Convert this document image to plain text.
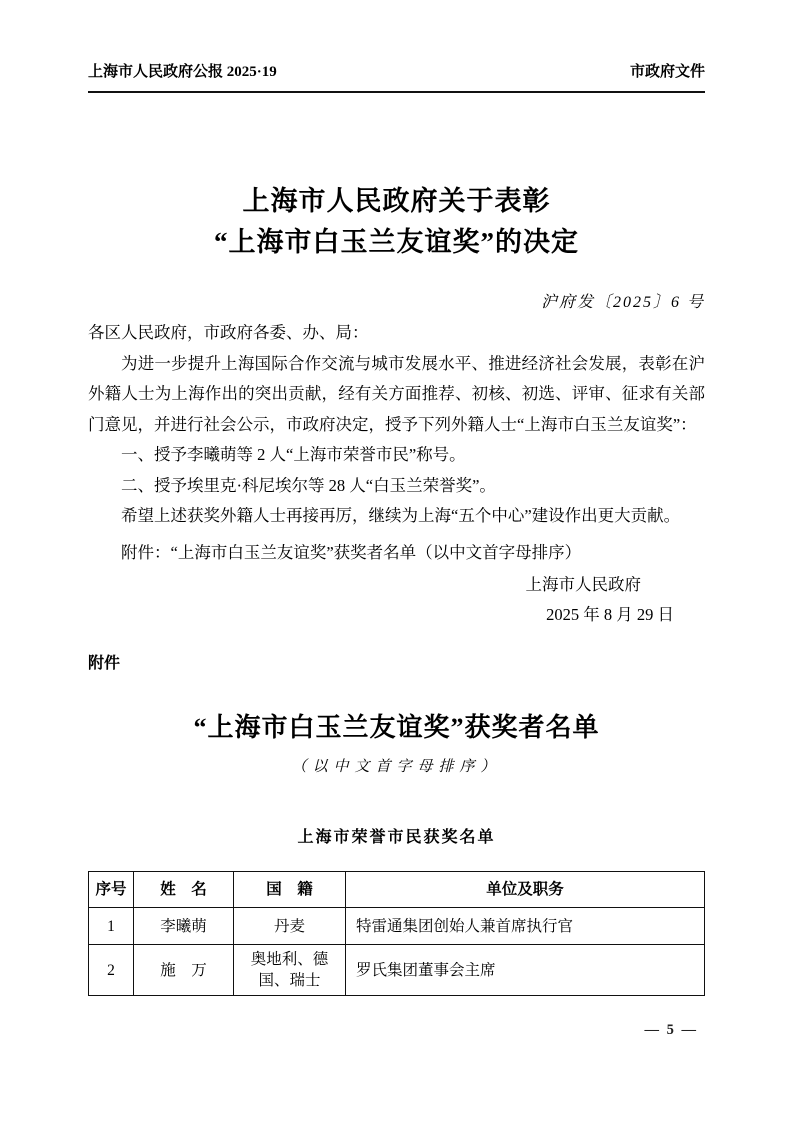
上海市人民政府公报 2025·19	市政府文件
上海市人民政府关于表彰
“上海市白玉兰友谊奖”的决定
沪府发〔2025〕6 号

各区人民政府，市政府各委、办、局：

为进一步提升上海国际合作交流与城市发展水平、推进经济社会发展，表彰在沪外籍人士为上海作出的突出贡献，经有关方面推荐、初核、初选、评审、征求有关部门意见，并进行社会公示，市政府决定，授予下列外籍人士“上海市白玉兰友谊奖”：

一、授予李曦萌等 2 人“上海市荣誉市民”称号。

二、授予埃里克·科尼埃尔等 28 人“白玉兰荣誉奖”。

希望上述获奖外籍人士再接再厉，继续为上海“五个中心”建设作出更大贡献。

附件：“上海市白玉兰友谊奖”获奖者名单（以中文首字母排序）
上海市人民政府
2025 年 8 月 29 日
附件
“上海市白玉兰友谊奖”获奖者名单
（以中文首字母排序）
上海市荣誉市民获奖名单
序号	姓　名	国　籍	单位及职务
1	李曦萌	丹麦	特雷通集团创始人兼首席执行官
2	施　万	奥地利、德国、瑞士	罗氏集团董事会主席
— 5 —
